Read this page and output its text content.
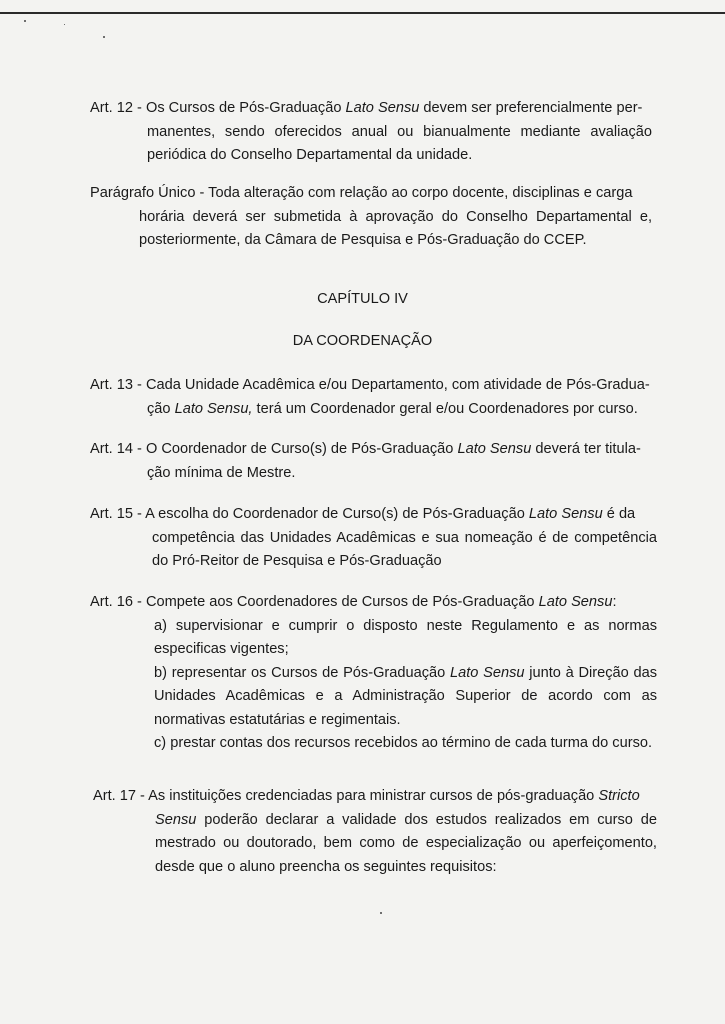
Art. 12 - Os Cursos de Pós-Graduação Lato Sensu devem ser preferencialmente per-
manentes, sendo oferecidos anual ou bianualmente mediante avaliação periódica do Conselho Departamental da unidade.
Parágrafo Único - Toda alteração com relação ao corpo docente, disciplinas e carga
horária deverá ser submetida à aprovação do Conselho Departamental e, posteriormente, da Câmara de Pesquisa e Pós-Graduação do CCEP.
CAPÍTULO IV
DA COORDENAÇÃO
Art. 13 - Cada Unidade Acadêmica e/ou Departamento, com atividade de Pós-Gradua-
ção Lato Sensu, terá um Coordenador geral e/ou Coordenadores por curso.
Art. 14 - O Coordenador de Curso(s) de Pós-Graduação Lato Sensu deverá ter titula-
ção mínima de Mestre.
Art. 15 - A escolha do Coordenador de Curso(s) de Pós-Graduação Lato Sensu é da
competência das Unidades Acadêmicas e sua nomeação é de competência do Pró-Reitor de Pesquisa e Pós-Graduação
Art. 16 - Compete aos Coordenadores de Cursos de Pós-Graduação Lato Sensu:
a) supervisionar e cumprir o disposto neste Regulamento e as normas especificas vigentes;
b) representar os Cursos de Pós-Graduação Lato Sensu junto à Direção das Unidades Acadêmicas e a Administração Superior de acordo com as normativas estatutárias e regimentais.
c) prestar contas dos recursos recebidos ao término de cada turma do curso.
Art. 17 - As instituições credenciadas para ministrar cursos de pós-graduação Stricto
Sensu poderão declarar a validade dos estudos realizados em curso de mestrado ou doutorado, bem como de especialização ou aperfeiçomento, desde que o aluno preencha os seguintes requisitos:
